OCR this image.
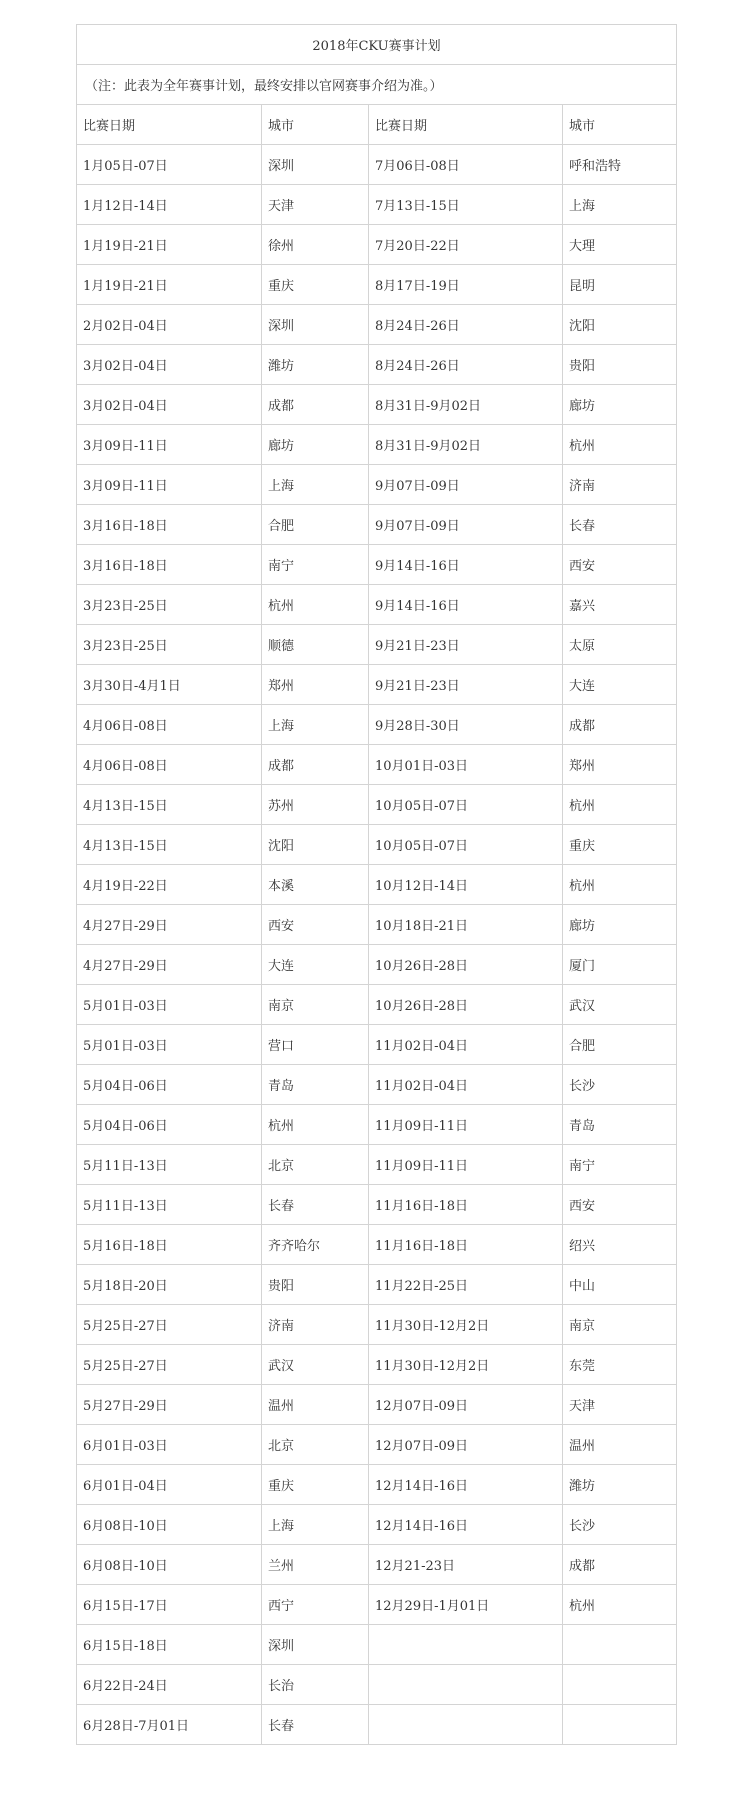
2018年CKU赛事计划			
（注：此表为全年赛事计划，最终安排以官网赛事介绍为准。）			
比赛日期	城市	比赛日期	城市
1月05日-07日	深圳	7月06日-08日	呼和浩特
1月12日-14日	天津	7月13日-15日	上海
1月19日-21日	徐州	7月20日-22日	大理
1月19日-21日	重庆	8月17日-19日	昆明
2月02日-04日	深圳	8月24日-26日	沈阳
3月02日-04日	潍坊	8月24日-26日	贵阳
3月02日-04日	成都	8月31日-9月02日	廊坊
3月09日-11日	廊坊	8月31日-9月02日	杭州
3月09日-11日	上海	9月07日-09日	济南
3月16日-18日	合肥	9月07日-09日	长春
3月16日-18日	南宁	9月14日-16日	西安
3月23日-25日	杭州	9月14日-16日	嘉兴
3月23日-25日	顺德	9月21日-23日	太原
3月30日-4月1日	郑州	9月21日-23日	大连
4月06日-08日	上海	9月28日-30日	成都
4月06日-08日	成都	10月01日-03日	郑州
4月13日-15日	苏州	10月05日-07日	杭州
4月13日-15日	沈阳	10月05日-07日	重庆
4月19日-22日	本溪	10月12日-14日	杭州
4月27日-29日	西安	10月18日-21日	廊坊
4月27日-29日	大连	10月26日-28日	厦门
5月01日-03日	南京	10月26日-28日	武汉
5月01日-03日	营口	11月02日-04日	合肥
5月04日-06日	青岛	11月02日-04日	长沙
5月04日-06日	杭州	11月09日-11日	青岛
5月11日-13日	北京	11月09日-11日	南宁
5月11日-13日	长春	11月16日-18日	西安
5月16日-18日	齐齐哈尔	11月16日-18日	绍兴
5月18日-20日	贵阳	11月22日-25日	中山
5月25日-27日	济南	11月30日-12月2日	南京
5月25日-27日	武汉	11月30日-12月2日	东莞
5月27日-29日	温州	12月07日-09日	天津
6月01日-03日	北京	12月07日-09日	温州
6月01日-04日	重庆	12月14日-16日	潍坊
6月08日-10日	上海	12月14日-16日	长沙
6月08日-10日	兰州	12月21-23日	成都
6月15日-17日	西宁	12月29日-1月01日	杭州
6月15日-18日	深圳		
6月22日-24日	长治		
6月28日-7月01日	长春		
